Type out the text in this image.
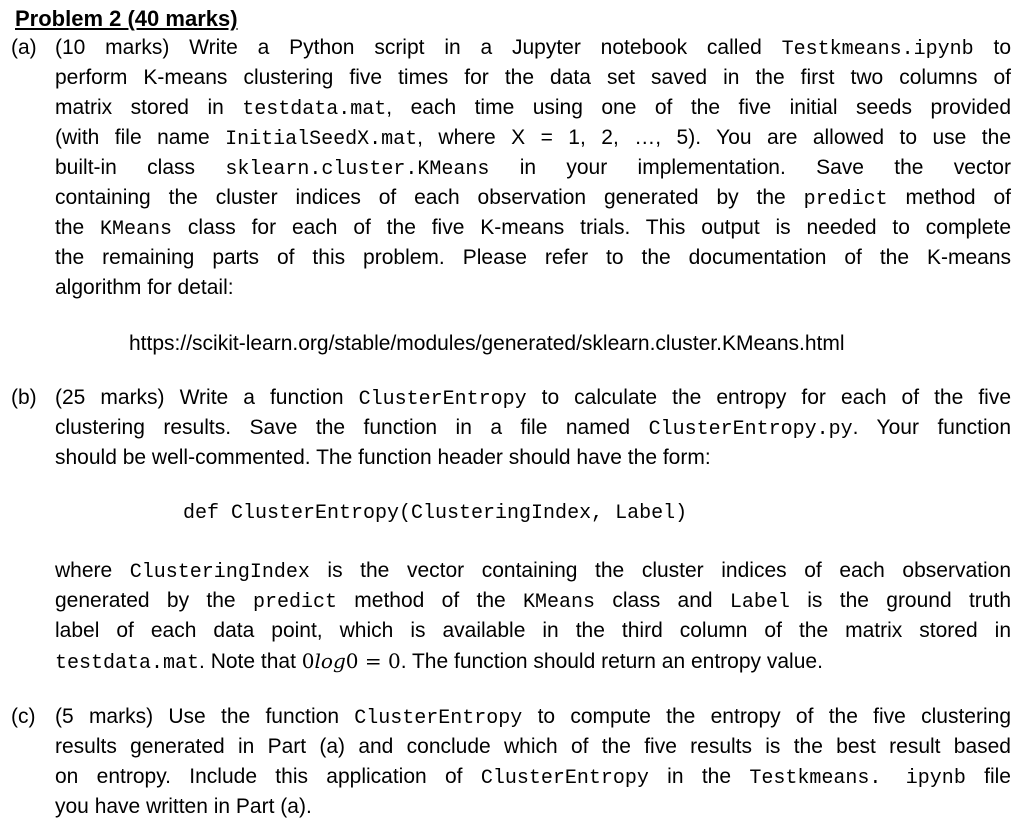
Problem 2 (40 marks)
(a) (10 marks) Write a Python script in a Jupyter notebook called Testkmeans.ipynb to
perform K-means clustering five times for the data set saved in the first two columns of
matrix stored in testdata.mat, each time using one of the five initial seeds provided
(with file name InitialSeedX.mat, where X = 1, 2, …, 5). You are allowed to use the
built-in class sklearn.cluster.KMeans in your implementation. Save the vector
containing the cluster indices of each observation generated by the predict method of
the KMeans class for each of the five K-means trials. This output is needed to complete
the remaining parts of this problem. Please refer to the documentation of the K-means
algorithm for detail:
https://scikit-learn.org/stable/modules/generated/sklearn.cluster.KMeans.html
(b) (25 marks) Write a function ClusterEntropy to calculate the entropy for each of the five
clustering results. Save the function in a file named ClusterEntropy.py. Your function
should be well-commented. The function header should have the form:
def ClusterEntropy(ClusteringIndex, Label)
where ClusteringIndex is the vector containing the cluster indices of each observation
generated by the predict method of the KMeans class and Label is the ground truth
label of each data point, which is available in the third column of the matrix stored in
testdata.mat. Note that 0log0 = 0. The function should return an entropy value.
(c) (5 marks) Use the function ClusterEntropy to compute the entropy of the five clustering
results generated in Part (a) and conclude which of the five results is the best result based
on entropy. Include this application of ClusterEntropy in the Testkmeans. ipynb file
you have written in Part (a).
